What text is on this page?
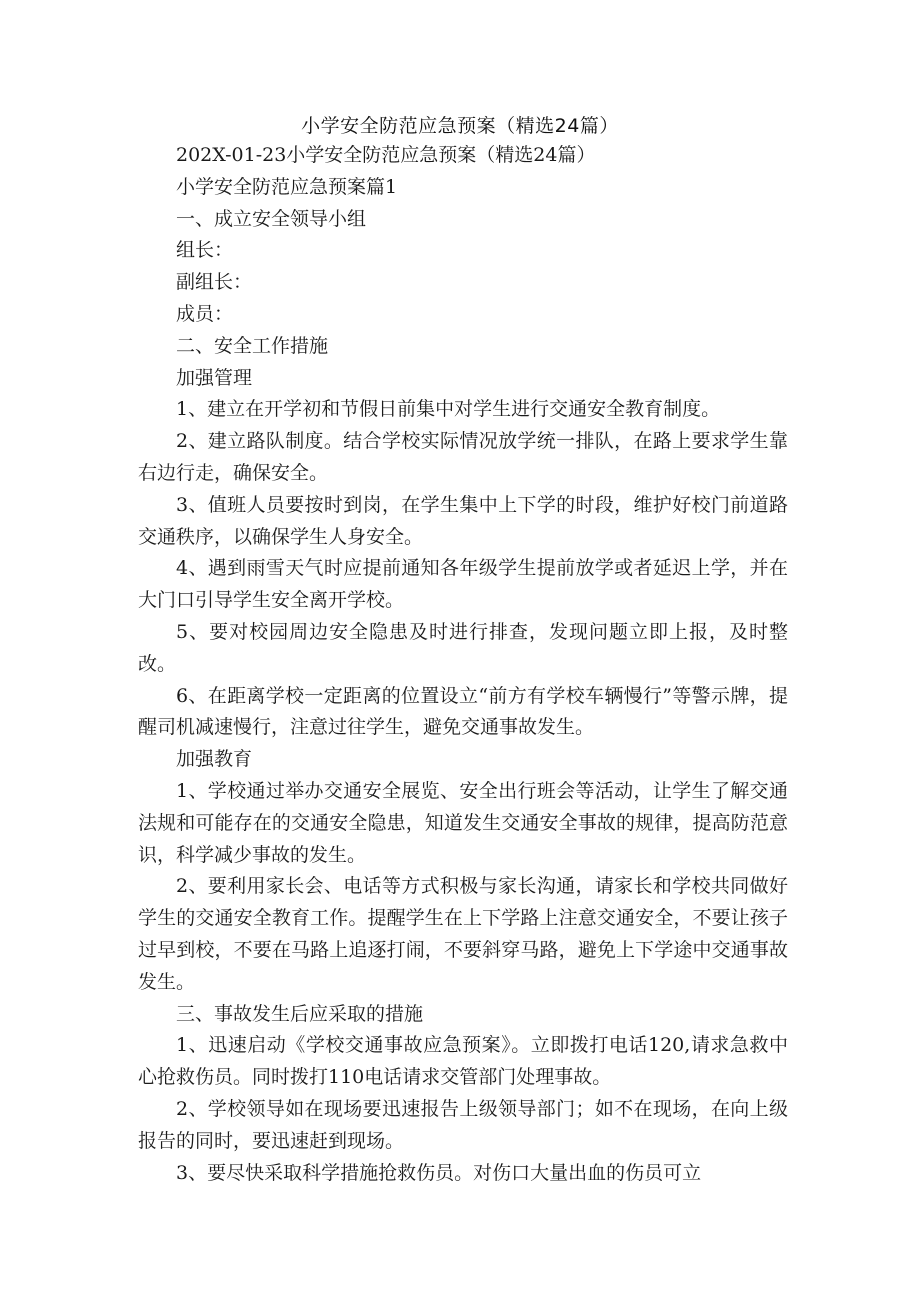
小学安全防范应急预案（精选24篇）

202X-01-23小学安全防范应急预案（精选24篇）

小学安全防范应急预案篇1

一、成立安全领导小组

组长：

副组长：

成员：

二、安全工作措施

加强管理

1、建立在开学初和节假日前集中对学生进行交通安全教育制度。

2、建立路队制度。结合学校实际情况放学统一排队，在路上要求学生靠右边行走，确保安全。

3、值班人员要按时到岗，在学生集中上下学的时段，维护好校门前道路交通秩序，以确保学生人身安全。

4、遇到雨雪天气时应提前通知各年级学生提前放学或者延迟上学，并在大门口引导学生安全离开学校。

5、要对校园周边安全隐患及时进行排查，发现问题立即上报，及时整改。

6、在距离学校一定距离的位置设立“前方有学校车辆慢行”等警示牌，提醒司机减速慢行，注意过往学生，避免交通事故发生。

加强教育

1、学校通过举办交通安全展览、安全出行班会等活动，让学生了解交通法规和可能存在的交通安全隐患，知道发生交通安全事故的规律，提高防范意识，科学减少事故的发生。

2、要利用家长会、电话等方式积极与家长沟通，请家长和学校共同做好学生的交通安全教育工作。提醒学生在上下学路上注意交通安全，不要让孩子过早到校，不要在马路上追逐打闹，不要斜穿马路，避免上下学途中交通事故发生。

三、事故发生后应采取的措施

1、迅速启动《学校交通事故应急预案》。立即拨打电话120,请求急救中心抢救伤员。同时拨打110电话请求交管部门处理事故。

2、学校领导如在现场要迅速报告上级领导部门；如不在现场，在向上级报告的同时，要迅速赶到现场。

3、要尽快采取科学措施抢救伤员。对伤口大量出血的伤员可立
